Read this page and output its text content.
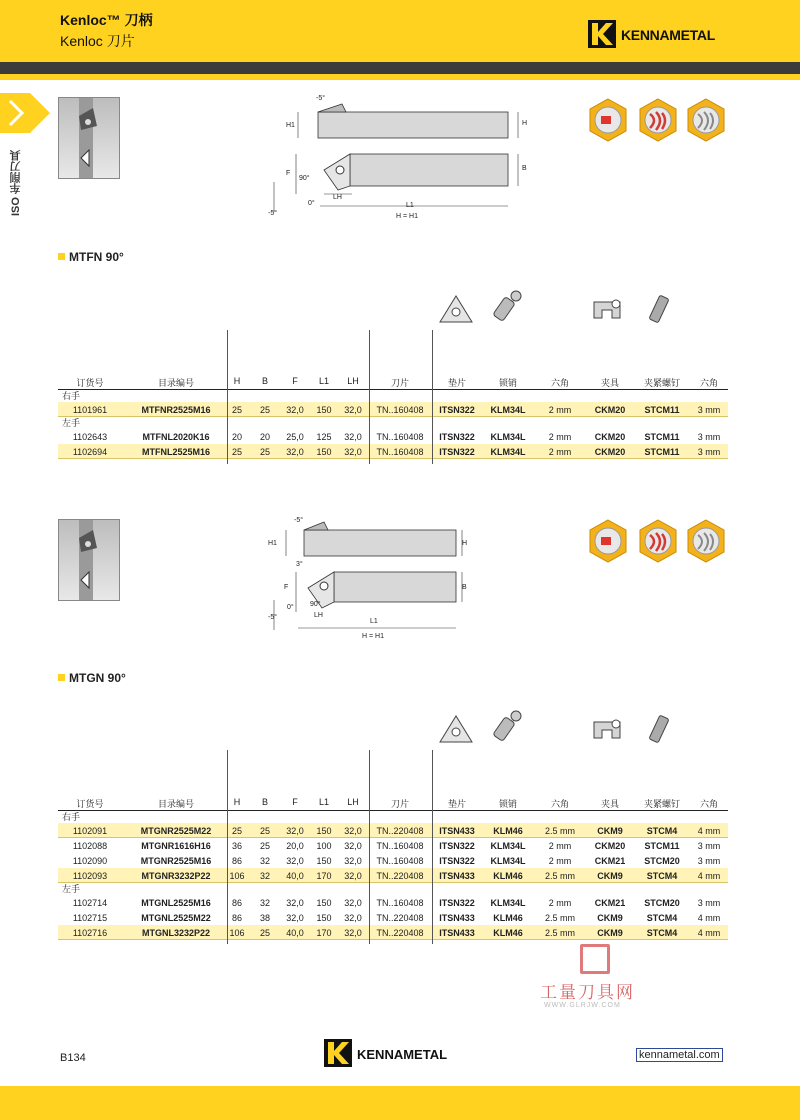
Kenloc™ 刀柄
Kenloc 刀片	KENNAMETAL
ISO 车削刀具
-5°
H1	H
B
F
90°
0°
LH
L1
H = H1
-5°
MTFN 90°
订货号	目录编号	H	B	F	L1	LH	刀片	垫片	锁销	六角	夹具	夹紧螺钉	六角
右手
1101961	MTFNR2525M16	25	25	32,0	150	32,0	TN..160408	ITSN322	KLM34L	2 mm	CKM20	STCM11	3 mm
左手
1102643	MTFNL2020K16	20	20	25,0	125	32,0	TN..160408	ITSN322	KLM34L	2 mm	CKM20	STCM11	3 mm
1102694	MTFNL2525M16	25	25	32,0	150	32,0	TN..160408	ITSN322	KLM34L	2 mm	CKM20	STCM11	3 mm
-5°
H1	H
B
3°
F
0° 90°
LH
L1
H = H1
-5°
MTGN 90°
订货号	目录编号	H	B	F	L1	LH	刀片	垫片	锁销	六角	夹具	夹紧螺钉	六角
右手
1102091	MTGNR2525M22	25	25	32,0	150	32,0	TN..220408	ITSN433	KLM46	2.5 mm	CKM9	STCM4	4 mm
1102088	MTGNR1616H16	36	25	20,0	100	32,0	TN..160408	ITSN322	KLM34L	2 mm	CKM20	STCM11	3 mm
1102090	MTGNR2525M16	86	32	32,0	150	32,0	TN..160408	ITSN322	KLM34L	2 mm	CKM21	STCM20	3 mm
1102093	MTGNR3232P22	106	32	40,0	170	32,0	TN..220408	ITSN433	KLM46	2.5 mm	CKM9	STCM4	4 mm
左手
1102714	MTGNL2525M16	86	32	32,0	150	32,0	TN..160408	ITSN322	KLM34L	2 mm	CKM21	STCM20	3 mm
1102715	MTGNL2525M22	86	38	32,0	150	32,0	TN..220408	ITSN433	KLM46	2.5 mm	CKM9	STCM4	4 mm
1102716	MTGNL3232P22	106	25	40,0	170	32,0	TN..220408	ITSN433	KLM46	2.5 mm	CKM9	STCM4	4 mm
工量刀具网
WWW.GLRJW.COM
B134	KENNAMETAL	kennametal.com
